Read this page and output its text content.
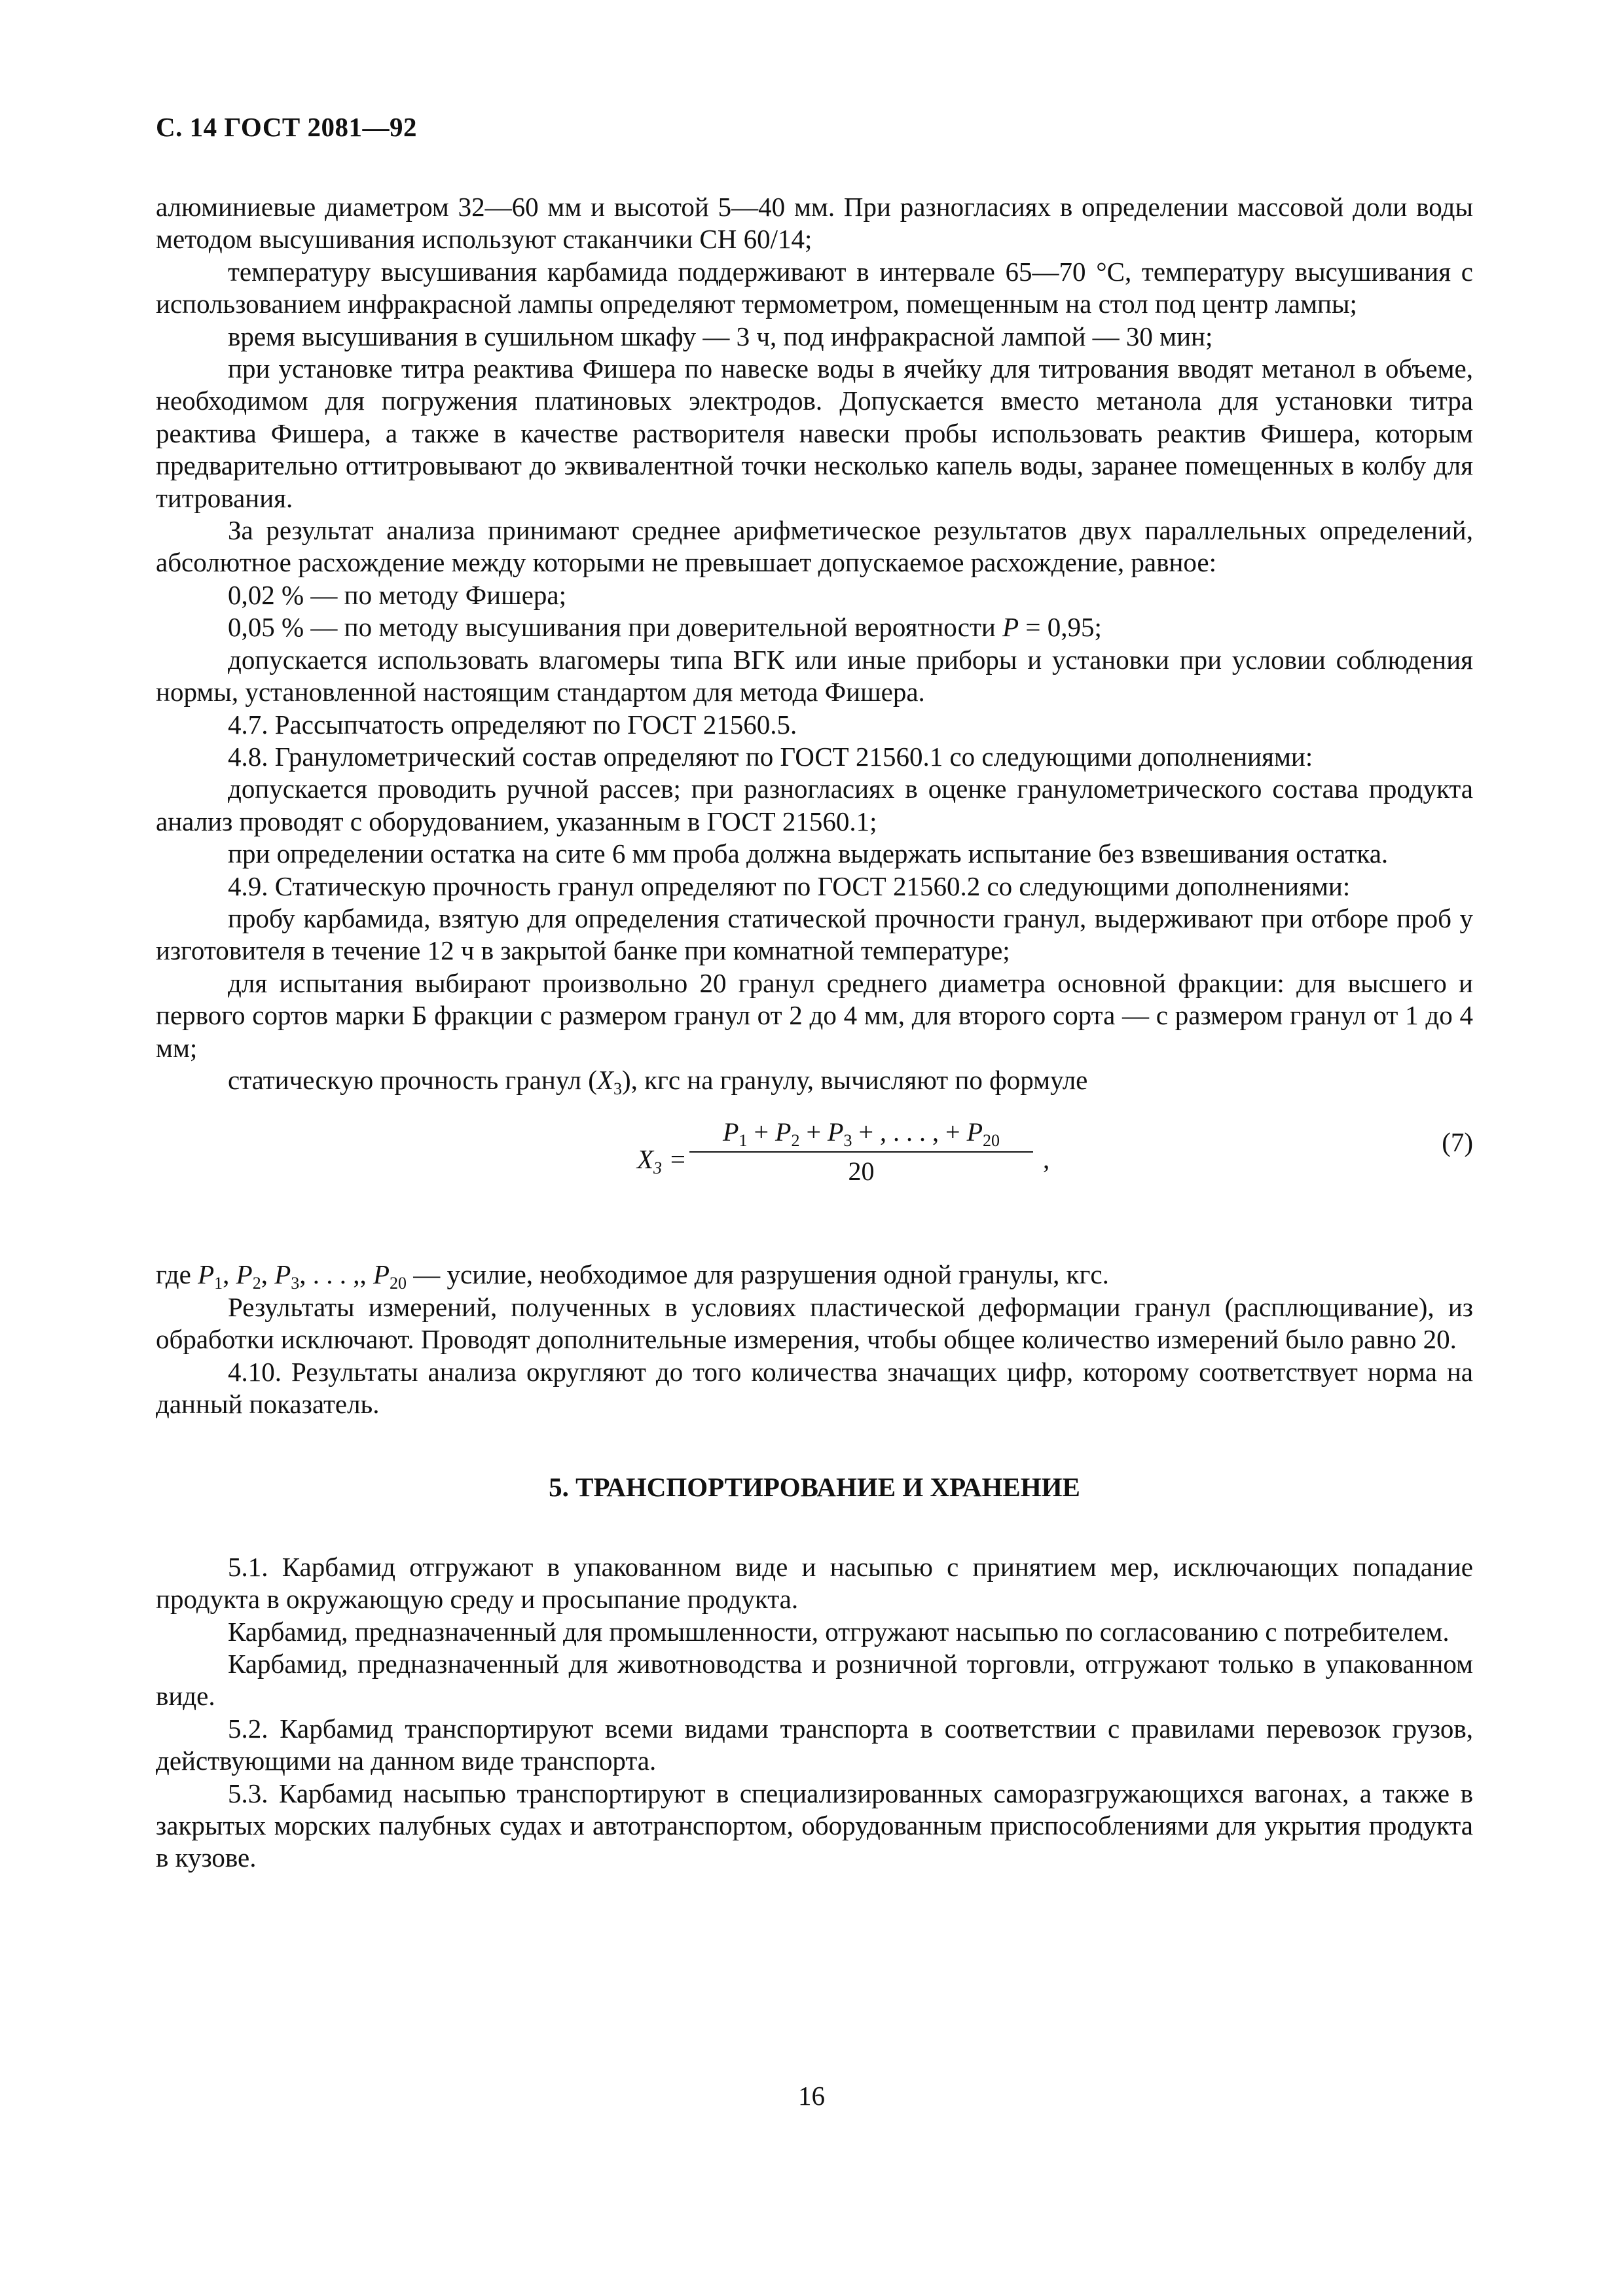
С. 14 ГОСТ 2081—92

алюминиевые диаметром 32—60 мм и высотой 5—40 мм. При разногласиях в определении массовой доли воды методом высушивания используют стаканчики СН 60/14;

температуру высушивания карбамида поддерживают в интервале 65—70 °С, температуру высушивания с использованием инфракрасной лампы определяют термометром, помещенным на стол под центр лампы;

время высушивания в сушильном шкафу — 3 ч, под инфракрасной лампой — 30 мин;

при установке титра реактива Фишера по навеске воды в ячейку для титрования вводят метанол в объеме, необходимом для погружения платиновых электродов. Допускается вместо метанола для установки титра реактива Фишера, а также в качестве растворителя навески пробы использовать реактив Фишера, которым предварительно оттитровывают до эквивалентной точки несколько капель воды, заранее помещенных в колбу для титрования.

За результат анализа принимают среднее арифметическое результатов двух параллельных определений, абсолютное расхождение между которыми не превышает допускаемое расхождение, равное:

0,02 % — по методу Фишера;

0,05 % — по методу высушивания при доверительной вероятности P = 0,95;

допускается использовать влагомеры типа ВГК или иные приборы и установки при условии соблюдения нормы, установленной настоящим стандартом для метода Фишера.

4.7. Рассыпчатость определяют по ГОСТ 21560.5.

4.8. Гранулометрический состав определяют по ГОСТ 21560.1 со следующими дополнениями:

допускается проводить ручной рассев; при разногласиях в оценке гранулометрического состава продукта анализ проводят с оборудованием, указанным в ГОСТ 21560.1;

при определении остатка на сите 6 мм проба должна выдержать испытание без взвешивания остатка.

4.9. Статическую прочность гранул определяют по ГОСТ 21560.2 со следующими дополнениями:

пробу карбамида, взятую для определения статической прочности гранул, выдерживают при отборе проб у изготовителя в течение 12 ч в закрытой банке при комнатной температуре;

для испытания выбирают произвольно 20 гранул среднего диаметра основной фракции: для высшего и первого сортов марки Б фракции с размером гранул от 2 до 4 мм, для второго сорта — с размером гранул от 1 до 4 мм;

статическую прочность гранул $(X_3)$, кгс на гранулу, вычисляют по формуле

$X_3 = \frac{P_1 + P_2 + P_3 + , . . . , + P_{20}}{20}$ ,
(7)

где $P_1$, $P_2$, $P_3$, . . . ,, $P_{20}$ — усилие, необходимое для разрушения одной гранулы, кгс.

Результаты измерений, полученных в условиях пластической деформации гранул (расплющивание), из обработки исключают. Проводят дополнительные измерения, чтобы общее количество измерений было равно 20.

4.10. Результаты анализа округляют до того количества значащих цифр, которому соответствует норма на данный показатель.

5. ТРАНСПОРТИРОВАНИЕ И ХРАНЕНИЕ

5.1. Карбамид отгружают в упакованном виде и насыпью с принятием мер, исключающих попадание продукта в окружающую среду и просыпание продукта.

Карбамид, предназначенный для промышленности, отгружают насыпью по согласованию с потребителем.

Карбамид, предназначенный для животноводства и розничной торговли, отгружают только в упакованном виде.

5.2. Карбамид транспортируют всеми видами транспорта в соответствии с правилами перевозок грузов, действующими на данном виде транспорта.

5.3. Карбамид насыпью транспортируют в специализированных саморазгружающихся вагонах, а также в закрытых морских палубных судах и автотранспортом, оборудованным приспособлениями для укрытия продукта в кузове.

16
